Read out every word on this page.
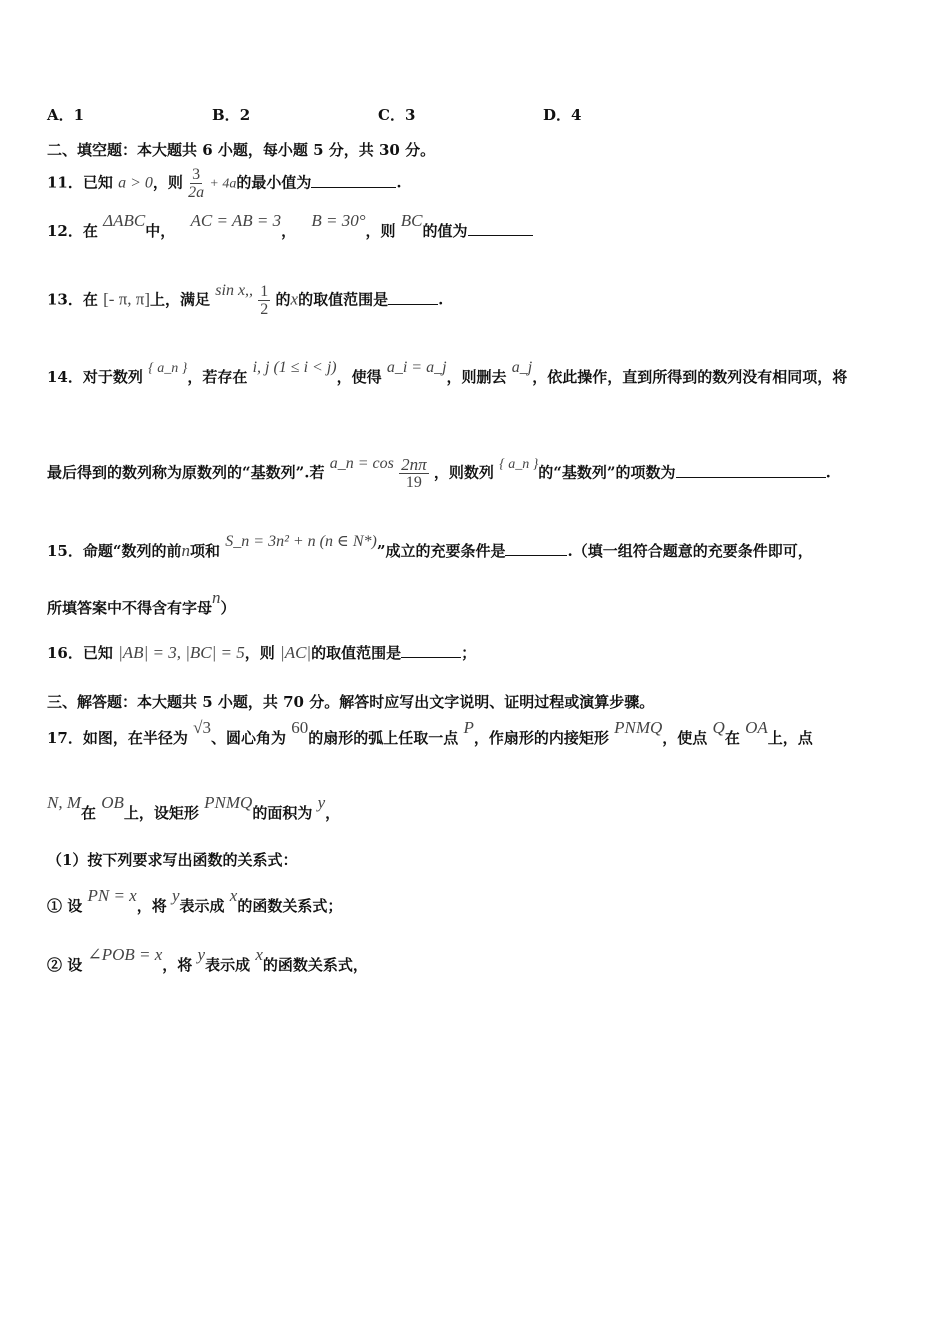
A．1	B．2	C．3	D．4
二、填空题：本大题共 6 小题，每小题 5 分，共 30 分。
11．已知 a > 0，则 $\frac{3}{2a} + 4a$的最小值为	.
12．在 ΔABC中， AC = AB = 3， B = 30°，则 BC的值为
13．在 [- π, π]上，满足 sin x,, $\frac{1}{2}$ 的x的取值范围是	.
14．对于数列 { a_n }，若存在 i, j (1 ≤ i < j)，使得 a_i = a_j，则删去 a_j，依此操作，直到所得到的数列没有相同项，将
最后得到的数列称为原数列的“基数列”.若 a_n = $\cos \frac{2n\pi}{19}$ ，则数列 { a_n }的“基数列”的项数为	.
15．命题“数列的前n项和 S_n = 3n² + n (n ∈ N*)”成立的充要条件是	.（填一组符合题意的充要条件即可，
所填答案中不得含有字母n）
16．已知 |AB| = 3, |BC| = 5，则 |AC|的取值范围是	；
三、解答题：本大题共 5 小题，共 70 分。解答时应写出文字说明、证明过程或演算步骤。
17．如图，在半径为 √3、圆心角为 60的扇形的弧上任取一点 P，作扇形的内接矩形 PNMQ，使点 Q在 OA上，点
N, M在 OB上，设矩形 PNMQ的面积为 y，
（1）按下列要求写出函数的关系式：
① 设 PN = x，将 y表示成 x的函数关系式；
② 设 ∠POB = x，将 y表示成 x的函数关系式，
